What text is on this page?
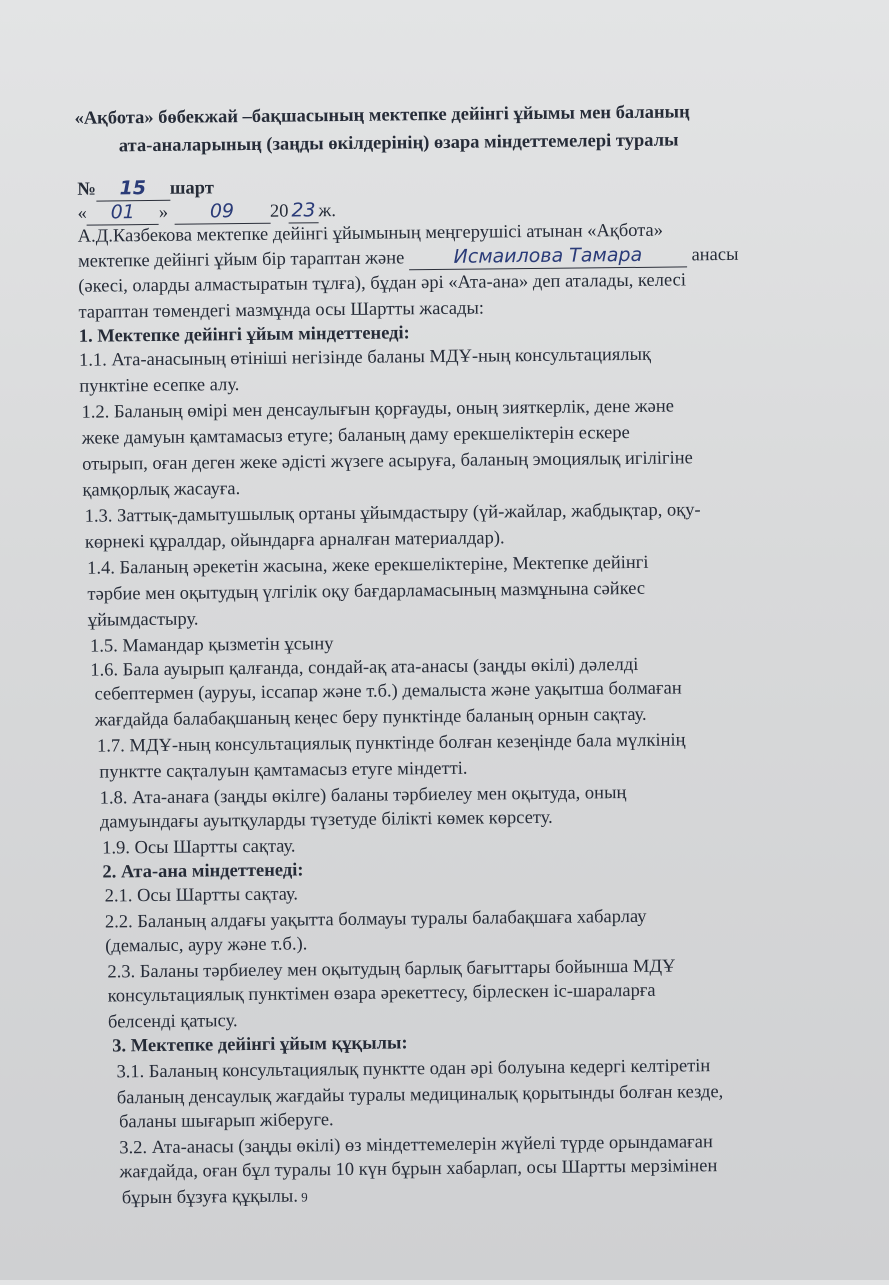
«Ақбота» бөбекжай –бақшасының мектепке дейінгі ұйымы мен баланың
ата-аналарының (заңды өкілдерінің) өзара міндеттемелері туралы
№ 15 шарт
« 01 » 09 20 23 ж.
А.Д.Казбекова мектепке дейінгі ұйымының меңгерушісі атынан «Ақбота»
мектепке дейінгі ұйым бір тараптан және	Исмаилова Тамара	анасы
(әкесі, оларды алмастыратын тұлға), бұдан әрі «Ата-ана» деп аталады, келесі
тараптан төмендегі мазмұнда осы Шартты жасады:
1. Мектепке дейінгі ұйым міндеттенеді:
1.1. Ата-анасының өтініші негізінде баланы МДҰ-ның консультациялық
пунктіне есепке алу.
1.2. Баланың өмірі мен денсаулығын қорғауды, оның зияткерлік, дене және
жеке дамуын қамтамасыз етуге; баланың даму ерекшеліктерін ескере
отырып, оған деген жеке әдісті жүзеге асыруға, баланың эмоциялық игілігіне
қамқорлық жасауға.
1.3. Заттық-дамытушылық ортаны ұйымдастыру (үй-жайлар, жабдықтар, оқу-
көрнекі құралдар, ойындарға арналған материалдар).
1.4. Баланың әрекетін жасына, жеке ерекшеліктеріне, Мектепке дейінгі
тәрбие мен оқытудың үлгілік оқу бағдарламасының мазмұнына сәйкес
ұйымдастыру.
1.5. Мамандар қызметін ұсыну
1.6. Бала ауырып қалғанда, сондай-ақ ата-анасы (заңды өкілі) дәлелді
себептермен (ауруы, іссапар және т.б.) демалыста және уақытша болмаған
жағдайда балабақшаның кеңес беру пунктінде баланың орнын сақтау.
1.7. МДҰ-ның консультациялық пунктінде болған кезеңінде бала мүлкінің
пунктте сақталуын қамтамасыз етуге міндетті.
1.8. Ата-анаға (заңды өкілге) баланы тәрбиелеу мен оқытуда, оның
дамуындағы ауытқуларды түзетуде білікті көмек көрсету.
1.9. Осы Шартты сақтау.
2. Ата-ана міндеттенеді:
2.1. Осы Шартты сақтау.
2.2. Баланың алдағы уақытта болмауы туралы балабақшаға хабарлау
(демалыс, ауру және т.б.).
2.3. Баланы тәрбиелеу мен оқытудың барлық бағыттары бойынша МДҰ
консультациялық пунктімен өзара әрекеттесу, бірлескен іс-шараларға
белсенді қатысу.
3. Мектепке дейінгі ұйым құқылы:
3.1. Баланың консультациялық пунктте одан әрі болуына кедергі келтіретін
баланың денсаулық жағдайы туралы медициналық қорытынды болған кезде,
баланы шығарып жіберуге.
3.2. Ата-анасы (заңды өкілі) өз міндеттемелерін жүйелі түрде орындамаған
жағдайда, оған бұл туралы 10 күн бұрын хабарлап, осы Шартты мерзімінен
бұрын бұзуға құқылы. 9
